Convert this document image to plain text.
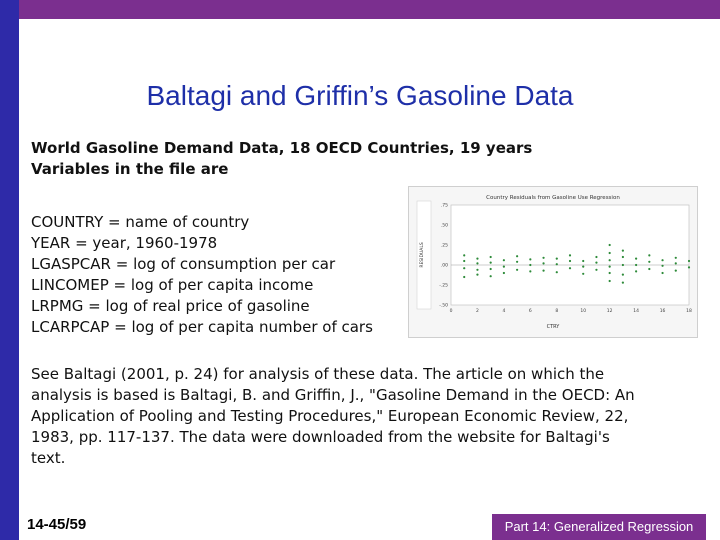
Baltagi and Griffin’s Gasoline Data
World Gasoline Demand Data, 18 OECD Countries, 19 years
Variables in the file are
COUNTRY = name of country
YEAR = year, 1960-1978
LGASPCAR = log of consumption per car
LINCOMEP = log of per capita income
LRPMG = log of real price of gasoline
LCARPCAP = log of per capita number of cars
Country Residuals from Gasoline Use Regression
CTRY
RESIDUALS
.75
.50
.25
.00
-.25
-.50
0	2	4	6	8	10	12	14	16	18
See Baltagi (2001, p. 24) for analysis of these data. The article on which the
analysis is based is Baltagi, B. and Griffin, J., "Gasoline Demand in the OECD: An
Application of Pooling and Testing Procedures," European Economic Review, 22,
1983, pp. 117-137. The data were downloaded from the website for Baltagi's
text.
14-45/59	Part 14: Generalized Regression
